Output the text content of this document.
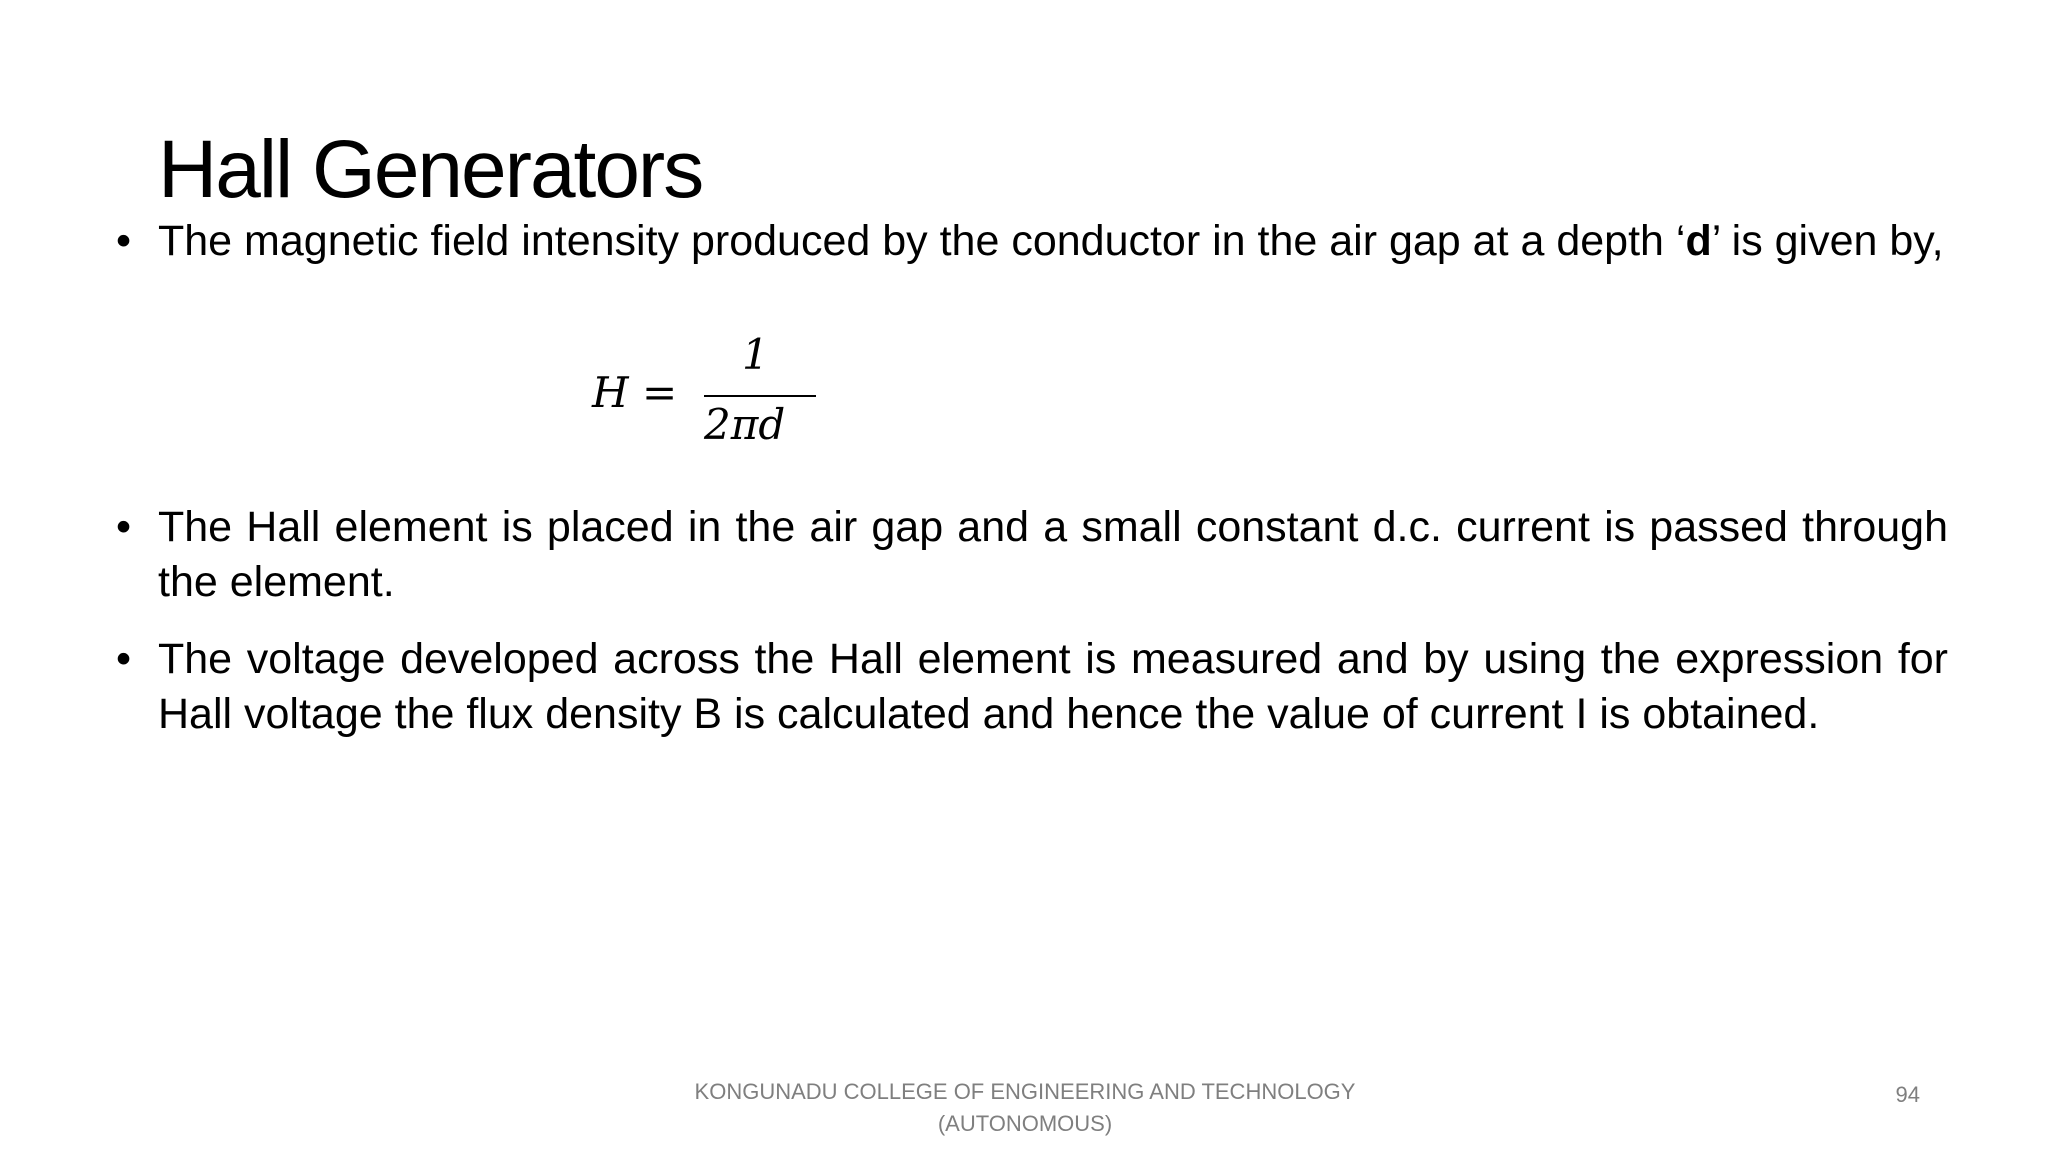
Hall Generators
• The magnetic field intensity produced by the conductor in the air gap at a depth ‘d’ is given by,
H =
1
2πd
• The Hall element is placed in the air gap and a small constant d.c. current is passed through the element.
• The voltage developed across the Hall element is measured and by using the expression for Hall voltage the flux density B is calculated and hence the value of current I is obtained.
KONGUNADU COLLEGE OF ENGINEERING AND TECHNOLOGY
(AUTONOMOUS)
94
